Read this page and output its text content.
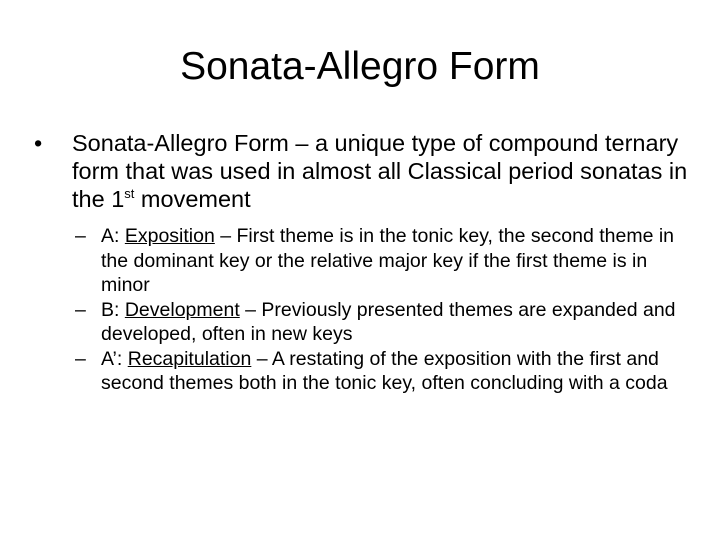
Sonata-Allegro Form
• Sonata-Allegro Form – a unique type of compound ternary form that was used in almost all Classical period sonatas in the 1st movement
– A: Exposition – First theme is in the tonic key, the second theme in the dominant key or the relative major key if the first theme is in minor
– B: Development – Previously presented themes are expanded and developed, often in new keys
– A’: Recapitulation – A restating of the exposition with the first and second themes both in the tonic key, often concluding with a coda
